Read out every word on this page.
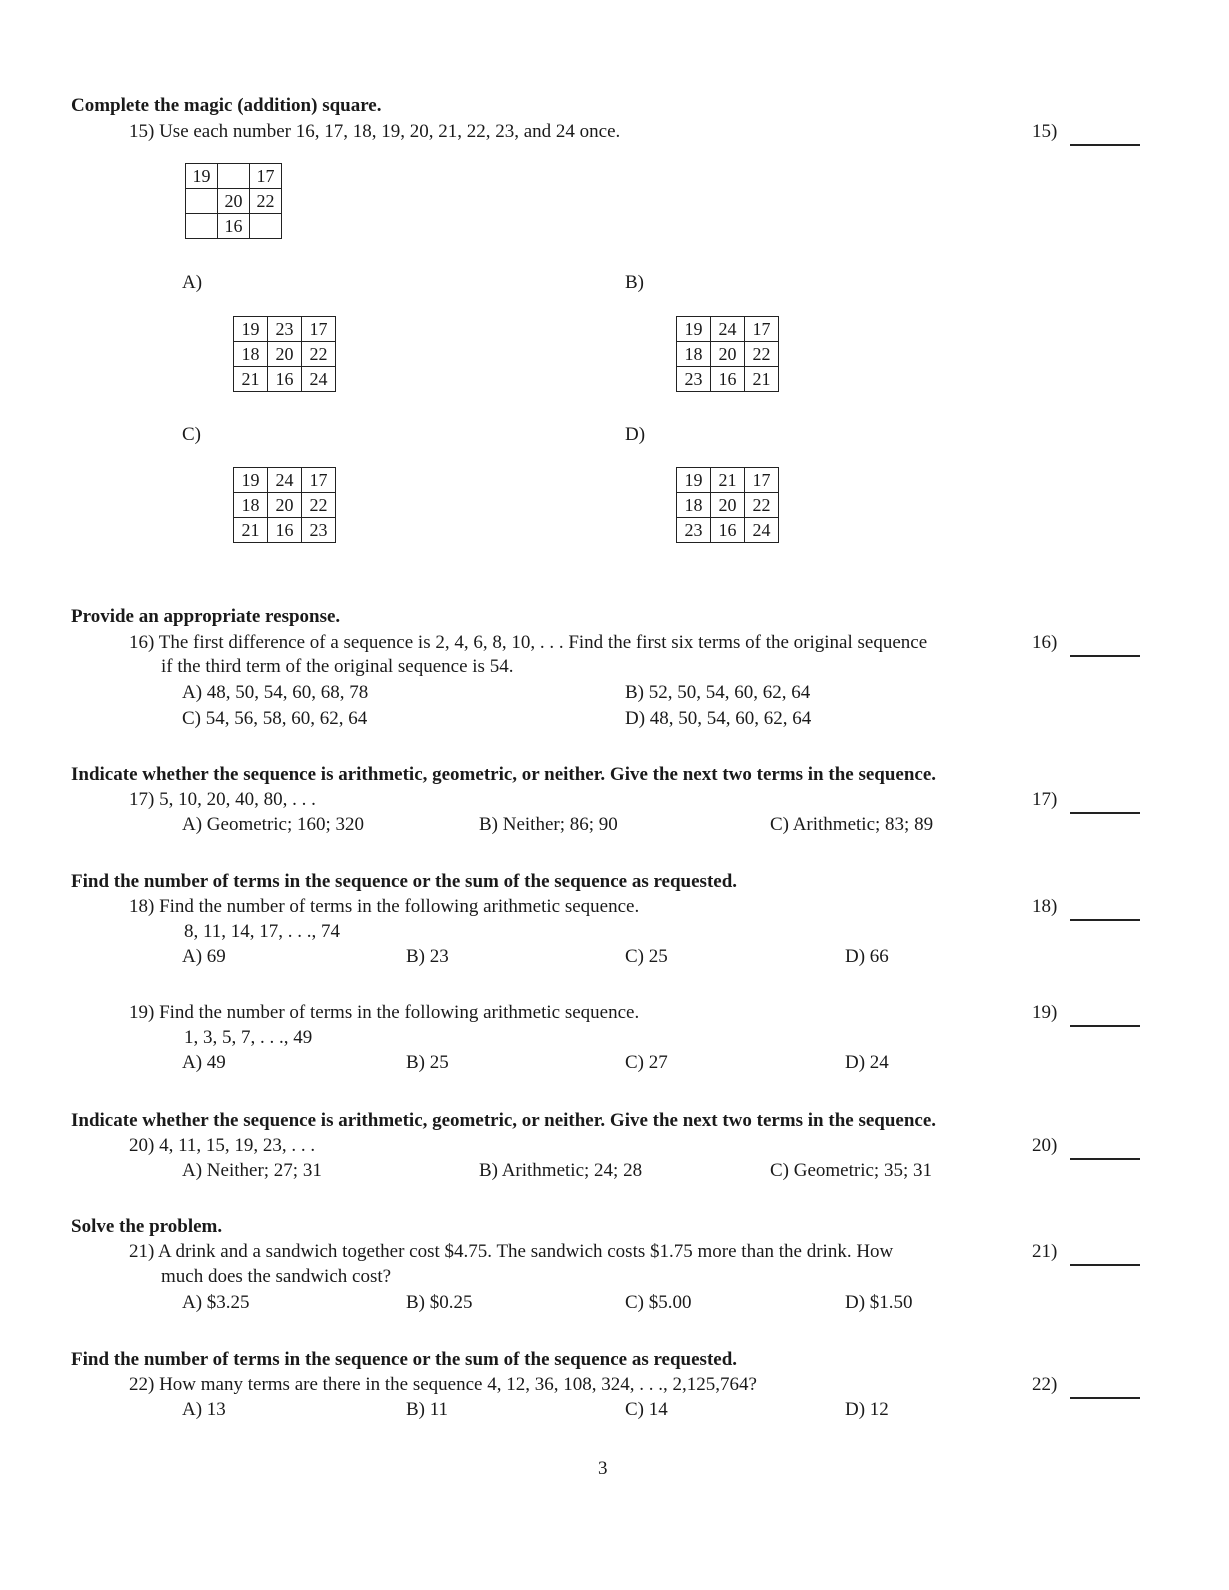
Complete the magic (addition) square.
15) Use each number 16, 17, 18, 19, 20, 21, 22, 23, and 24 once.	15)
19		17
	20	22
	16	
A)	B)
19	23	17
18	20	22
21	16	24
19	24	17
18	20	22
23	16	21
C)	D)
19	24	17
18	20	22
21	16	23
19	21	17
18	20	22
23	16	24
Provide an appropriate response.
16) The first difference of a sequence is 2, 4, 6, 8, 10, . . . Find the first six terms of the original sequence
if the third term of the original sequence is 54.
16)
A) 48, 50, 54, 60, 68, 78	B) 52, 50, 54, 60, 62, 64
C) 54, 56, 58, 60, 62, 64	D) 48, 50, 54, 60, 62, 64
Indicate whether the sequence is arithmetic, geometric, or neither. Give the next two terms in the sequence.
17) 5, 10, 20, 40, 80, . . .	17)
A) Geometric; 160; 320	B) Neither; 86; 90	C) Arithmetic; 83; 89
Find the number of terms in the sequence or the sum of the sequence as requested.
18) Find the number of terms in the following arithmetic sequence.
8, 11, 14, 17, . . ., 74
18)
A) 69	B) 23	C) 25	D) 66
19) Find the number of terms in the following arithmetic sequence.
1, 3, 5, 7, . . ., 49
19)
A) 49	B) 25	C) 27	D) 24
Indicate whether the sequence is arithmetic, geometric, or neither. Give the next two terms in the sequence.
20) 4, 11, 15, 19, 23, . . .	20)
A) Neither; 27; 31	B) Arithmetic; 24; 28	C) Geometric; 35; 31
Solve the problem.
21) A drink and a sandwich together cost $4.75. The sandwich costs $1.75 more than the drink. How
much does the sandwich cost?
21)
A) $3.25	B) $0.25	C) $5.00	D) $1.50
Find the number of terms in the sequence or the sum of the sequence as requested.
22) How many terms are there in the sequence 4, 12, 36, 108, 324, . . ., 2,125,764?	22)
A) 13	B) 11	C) 14	D) 12
3
